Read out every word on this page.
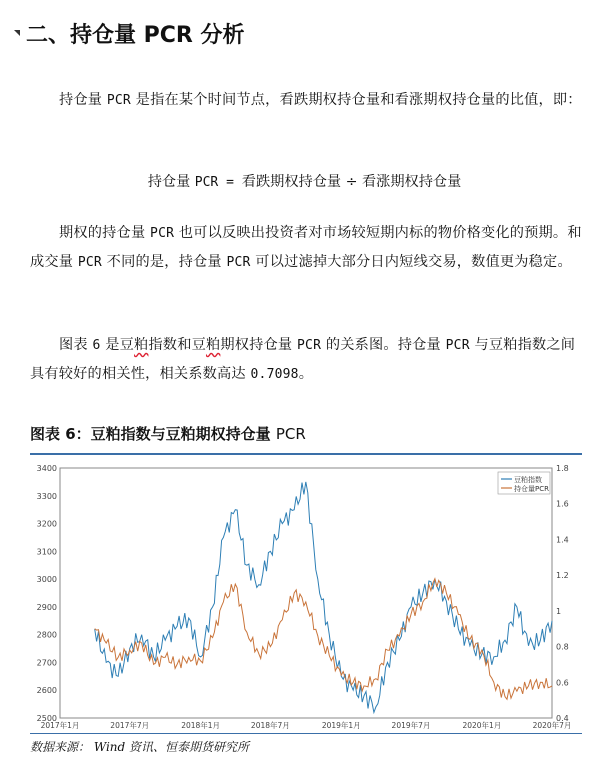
二、持仓量 PCR 分析
持仓量 PCR 是指在某个时间节点，看跌期权持仓量和看涨期权持仓量的比值，即：
持仓量 PCR = 看跌期权持仓量 ÷ 看涨期权持仓量
期权的持仓量 PCR 也可以反映出投资者对市场较短期内标的物价格变化的预期。和成交量 PCR 不同的是，持仓量 PCR 可以过滤掉大部分日内短线交易，数值更为稳定。
图表 6 是豆粕指数和豆粕期权持仓量 PCR 的关系图。持仓量 PCR 与豆粕指数之间具有较好的相关性，相关系数高达 0.7098。
图表 6：豆粕指数与豆粕期权持仓量 PCR
2500
2600
2700
2800
2900
3000
3100
3200
3300
3400
0.4
0.6
0.8
1
1.2
1.4
1.6
1.8
2017年1月	2017年7月	2018年1月	2018年7月	2019年1月	2019年7月	2020年1月	2020年7月
豆粕指数
持仓量PCR
数据来源： Wind 资讯、恒泰期货研究所
